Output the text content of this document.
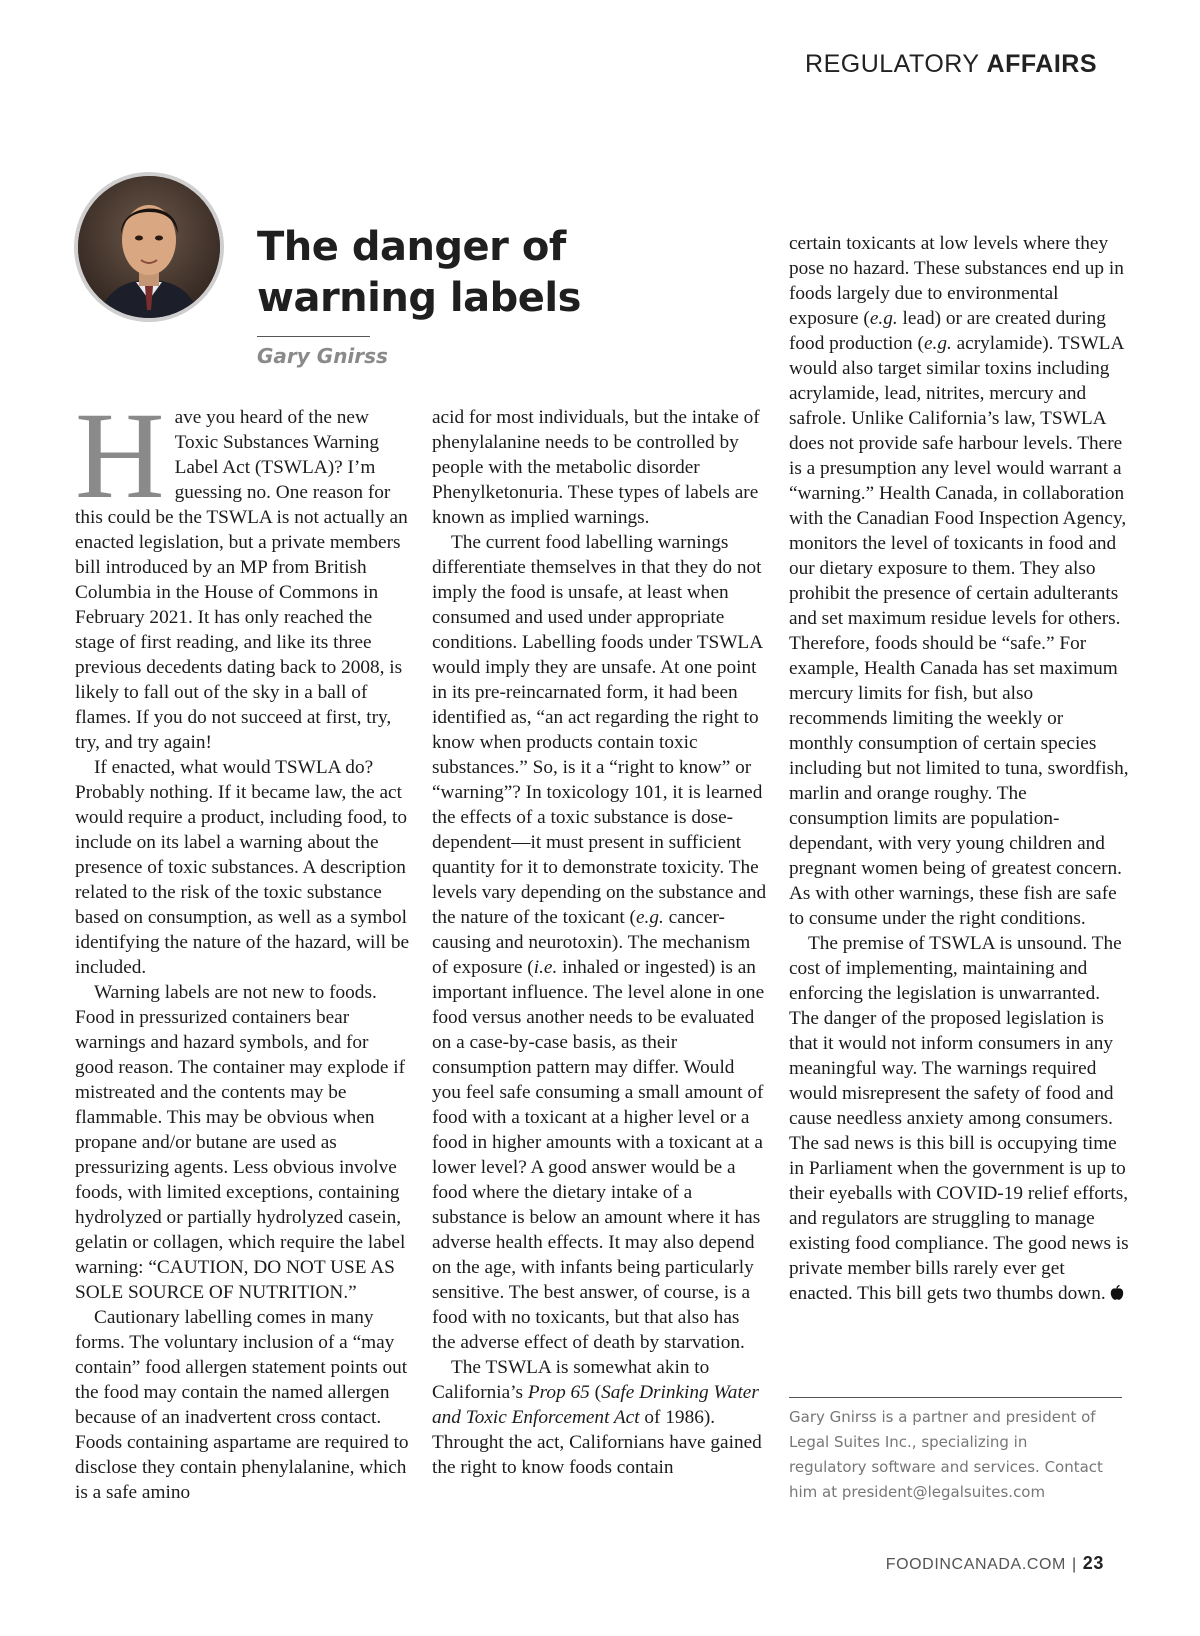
REGULATORY AFFAIRS
The danger of
warning labels
Gary Gnirss

Have you heard of the new Toxic Substances Warning Label Act (TSWLA)? I’m guessing no. One reason for this could be the TSWLA is not actually an enacted legislation, but a private members bill introduced by an MP from British Columbia in the House of Commons in February 2021. It has only reached the stage of first reading, and like its three previous decedents dating back to 2008, is likely to fall out of the sky in a ball of flames. If you do not succeed at first, try, try, and try again!

If enacted, what would TSWLA do? Probably nothing. If it became law, the act would require a product, including food, to include on its label a warning about the presence of toxic substances. A description related to the risk of the toxic substance based on consumption, as well as a symbol identifying the nature of the hazard, will be included.

Warning labels are not new to foods. Food in pressurized containers bear warnings and hazard symbols, and for good reason. The container may explode if mistreated and the contents may be flammable. This may be obvious when propane and/or butane are used as pressurizing agents. Less obvious involve foods, with limited exceptions, containing hydrolyzed or partially hydrolyzed casein, gelatin or collagen, which require the label warning: “CAUTION, DO NOT USE AS SOLE SOURCE OF NUTRITION.”

Cautionary labelling comes in many forms. The voluntary inclusion of a “may contain” food allergen statement points out the food may contain the named allergen because of an inadvertent cross contact. Foods containing aspartame are required to disclose they contain phenylalanine, which is a safe amino

acid for most individuals, but the intake of phenylalanine needs to be controlled by people with the metabolic disorder Phenylketonuria. These types of labels are known as implied warnings.

The current food labelling warnings differentiate themselves in that they do not imply the food is unsafe, at least when consumed and used under appropriate conditions. Labelling foods under TSWLA would imply they are unsafe. At one point in its pre-reincarnated form, it had been identified as, “an act regarding the right to know when products contain toxic substances.” So, is it a “right to know” or “warning”? In toxicology 101, it is learned the effects of a toxic substance is dose-dependent—it must present in sufficient quantity for it to demonstrate toxicity. The levels vary depending on the substance and the nature of the toxicant (e.g. cancer-causing and neurotoxin). The mechanism of exposure (i.e. inhaled or ingested) is an important influence. The level alone in one food versus another needs to be evaluated on a case-by-case basis, as their consumption pattern may differ. Would you feel safe consuming a small amount of food with a toxicant at a higher level or a food in higher amounts with a toxicant at a lower level? A good answer would be a food where the dietary intake of a substance is below an amount where it has adverse health effects. It may also depend on the age, with infants being particularly sensitive. The best answer, of course, is a food with no toxicants, but that also has the adverse effect of death by starvation.

The TSWLA is somewhat akin to California’s Prop 65 (Safe Drinking Water and Toxic Enforcement Act of 1986). Throught the act, Californians have gained the right to know foods contain

certain toxicants at low levels where they pose no hazard. These substances end up in foods largely due to environmental exposure (e.g. lead) or are created during food production (e.g. acrylamide). TSWLA would also target similar toxins including acrylamide, lead, nitrites, mercury and safrole. Unlike California’s law, TSWLA does not provide safe harbour levels. There is a presumption any level would warrant a “warning.” Health Canada, in collaboration with the Canadian Food Inspection Agency, monitors the level of toxicants in food and our dietary exposure to them. They also prohibit the presence of certain adulterants and set maximum residue levels for others. Therefore, foods should be “safe.” For example, Health Canada has set maximum mercury limits for fish, but also recommends limiting the weekly or monthly consumption of certain species including but not limited to tuna, swordfish, marlin and orange roughy. The consumption limits are population-dependant, with very young children and pregnant women being of greatest concern. As with other warnings, these fish are safe to consume under the right conditions.

The premise of TSWLA is unsound. The cost of implementing, maintaining and enforcing the legislation is unwarranted. The danger of the proposed legislation is that it would not inform consumers in any meaningful way. The warnings required would misrepresent the safety of food and cause needless anxiety among consumers. The sad news is this bill is occupying time in Parliament when the government is up to their eyeballs with COVID-19 relief efforts, and regulators are struggling to manage existing food compliance. The good news is private member bills rarely ever get enacted. This bill gets two thumbs down.

Gary Gnirss is a partner and president of Legal Suites Inc., specializing in regulatory software and services. Contact him at president@legalsuites.com
FOODINCANADA.COM | 23
